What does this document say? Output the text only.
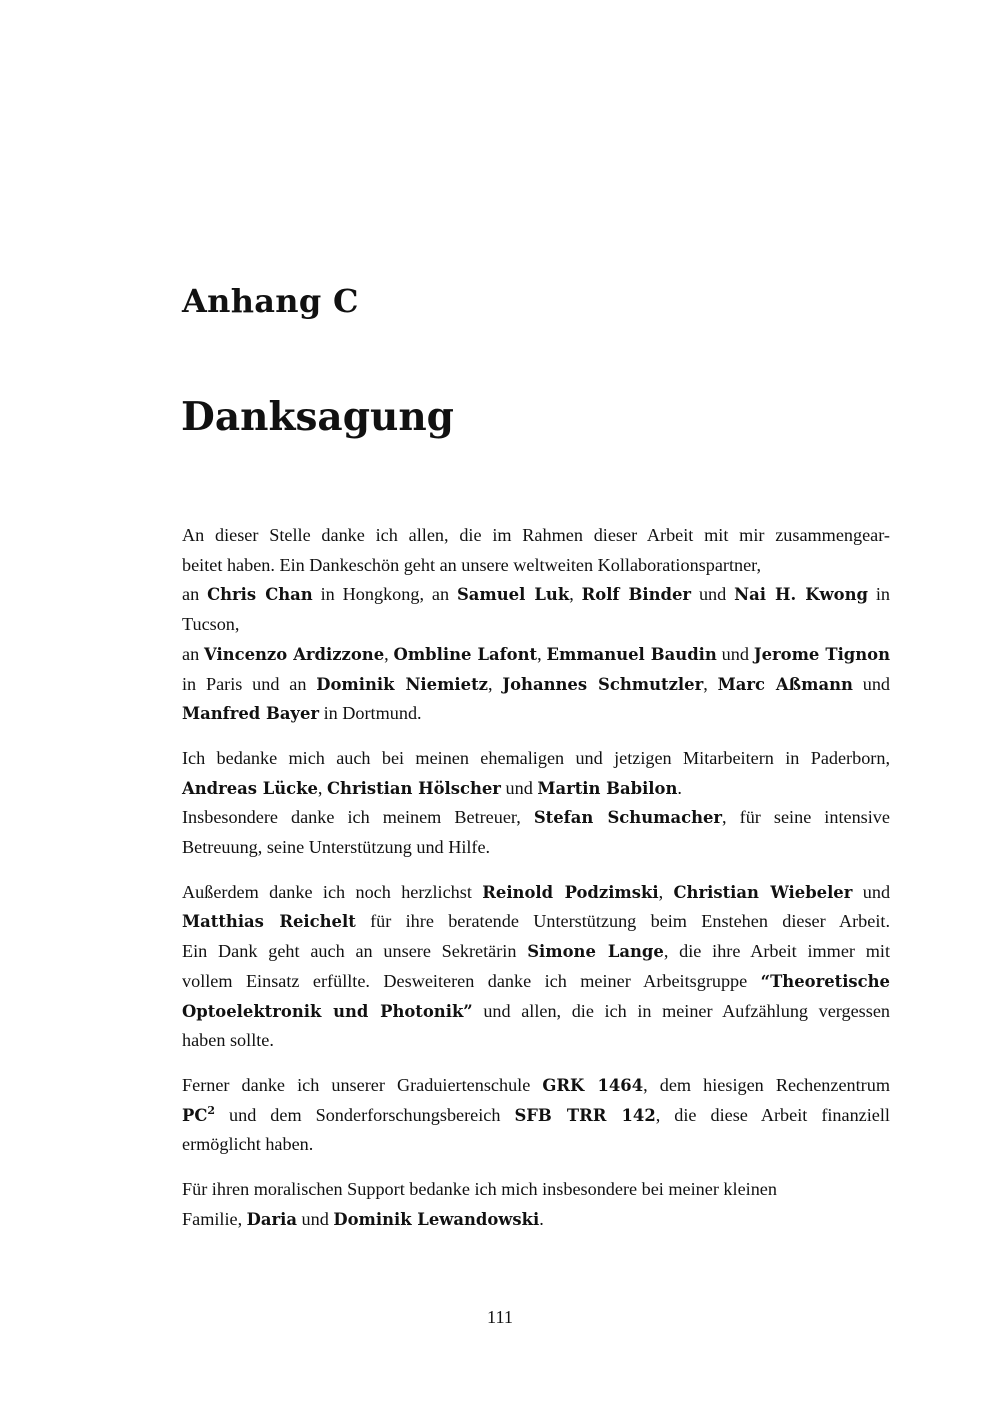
Anhang C
Danksagung

An dieser Stelle danke ich allen, die im Rahmen dieser Arbeit mit mir zusammengear-
beitet haben. Ein Dankeschön geht an unsere weltweiten Kollaborationspartner,
an Chris Chan in Hongkong, an Samuel Luk, Rolf Binder und Nai H. Kwong in
Tucson,
an Vincenzo Ardizzone, Ombline Lafont, Emmanuel Baudin und Jerome Tignon
in Paris und an Dominik Niemietz, Johannes Schmutzler, Marc Aßmann und
Manfred Bayer in Dortmund.

Ich bedanke mich auch bei meinen ehemaligen und jetzigen Mitarbeitern in Paderborn,
Andreas Lücke, Christian Hölscher und Martin Babilon.
Insbesondere danke ich meinem Betreuer, Stefan Schumacher, für seine intensive
Betreuung, seine Unterstützung und Hilfe.

Außerdem danke ich noch herzlichst Reinold Podzimski, Christian Wiebeler und
Matthias Reichelt für ihre beratende Unterstützung beim Enstehen dieser Arbeit.
Ein Dank geht auch an unsere Sekretärin Simone Lange, die ihre Arbeit immer mit
vollem Einsatz erfüllte. Desweiteren danke ich meiner Arbeitsgruppe “Theoretische
Optoelektronik und Photonik” und allen, die ich in meiner Aufzählung vergessen
haben sollte.

Ferner danke ich unserer Graduiertenschule GRK 1464, dem hiesigen Rechenzentrum
$PC^2$ und dem Sonderforschungsbereich SFB TRR 142, die diese Arbeit finanziell
ermöglicht haben.

Für ihren moralischen Support bedanke ich mich insbesondere bei meiner kleinen
Familie, Daria und Dominik Lewandowski.

111
